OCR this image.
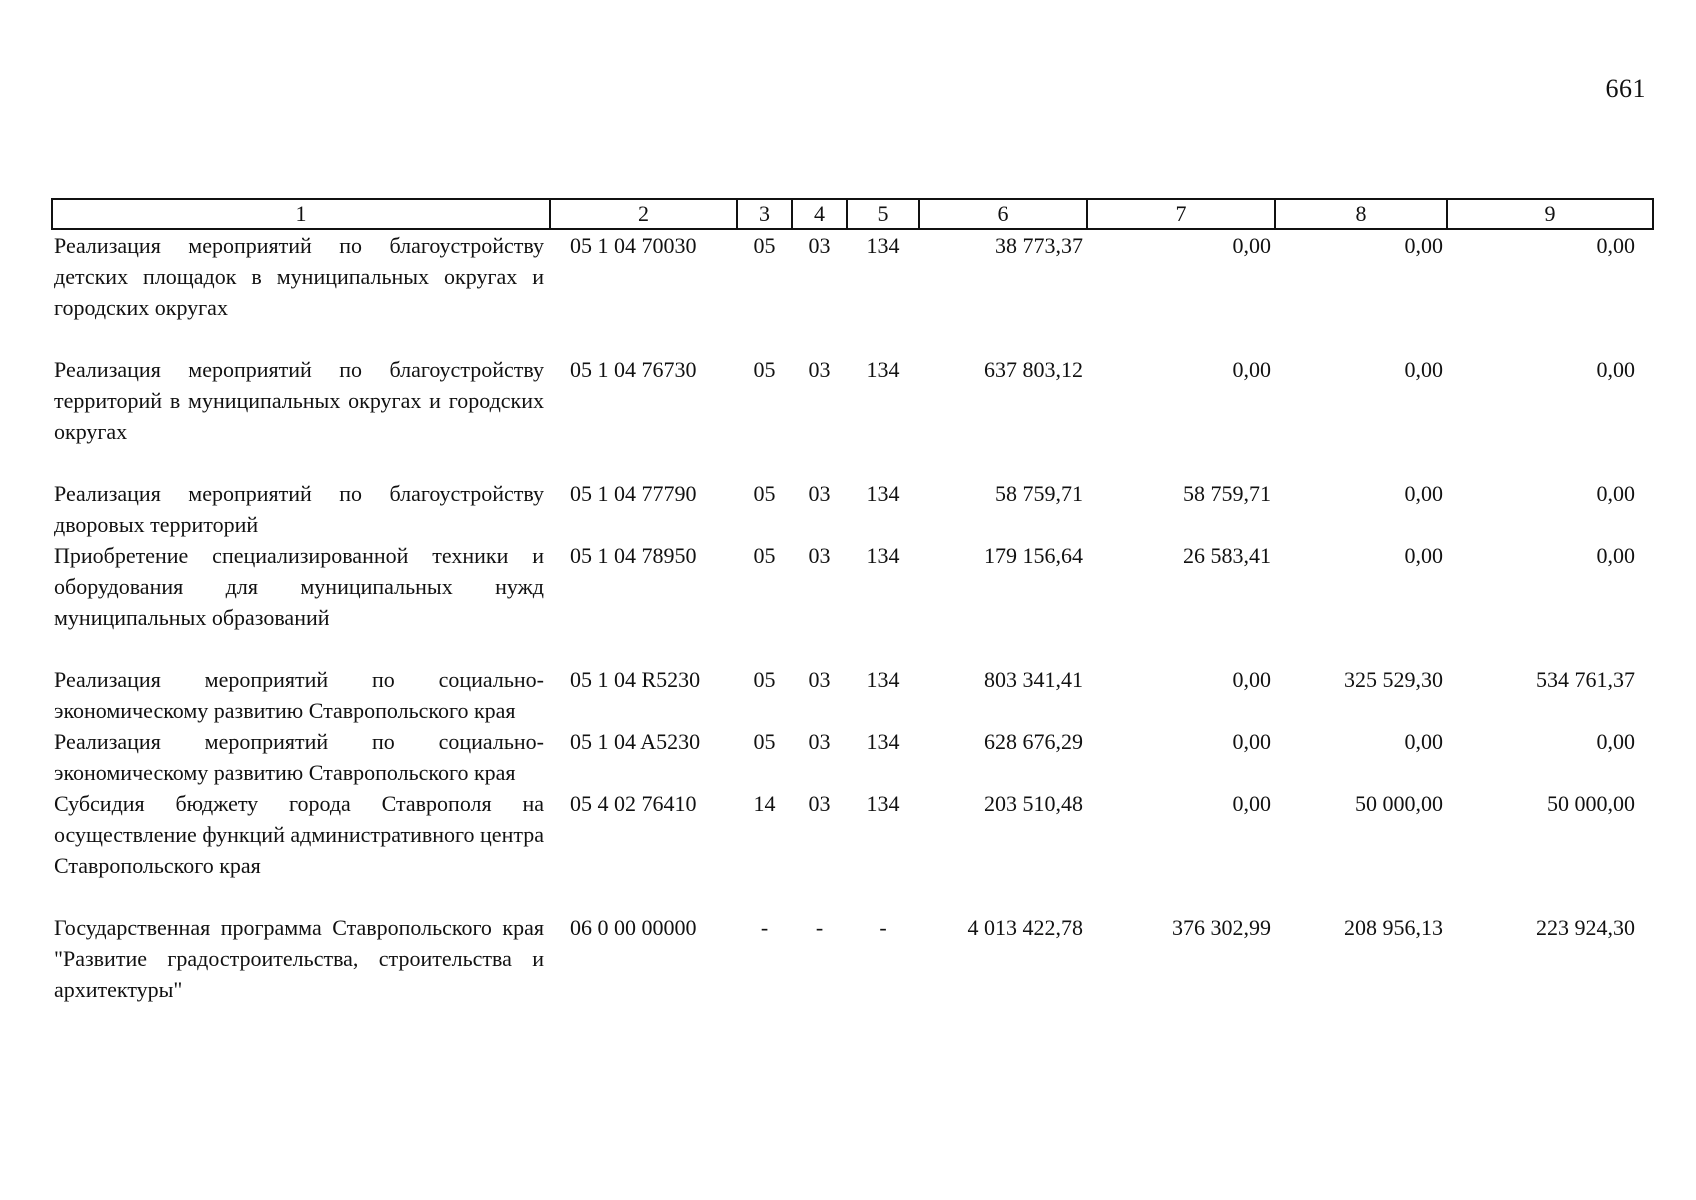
661
1	2	3	4	5	6	7	8	9
Реализация мероприятий по благоустройству детских площадок в муниципальных округах и городских округах	05 1 04 70030	05	03	134	38 773,37	0,00	0,00	0,00
Реализация мероприятий по благоустройству территорий в муниципальных округах и городских округах	05 1 04 76730	05	03	134	637 803,12	0,00	0,00	0,00
Реализация мероприятий по благоустройству дворовых территорий	05 1 04 77790	05	03	134	58 759,71	58 759,71	0,00	0,00
Приобретение специализированной техники и оборудования для муниципальных нужд муниципальных образований	05 1 04 78950	05	03	134	179 156,64	26 583,41	0,00	0,00
Реализация мероприятий по социально-экономическому развитию Ставропольского края	05 1 04 R5230	05	03	134	803 341,41	0,00	325 529,30	534 761,37
Реализация мероприятий по социально-экономическому развитию Ставропольского края	05 1 04 A5230	05	03	134	628 676,29	0,00	0,00	0,00
Субсидия бюджету города Ставрополя на осуществление функций административного центра Ставропольского края	05 4 02 76410	14	03	134	203 510,48	0,00	50 000,00	50 000,00
Государственная программа Ставропольского края "Развитие градостроительства, строительства и архитектуры"	06 0 00 00000	-	-	-	4 013 422,78	376 302,99	208 956,13	223 924,30
